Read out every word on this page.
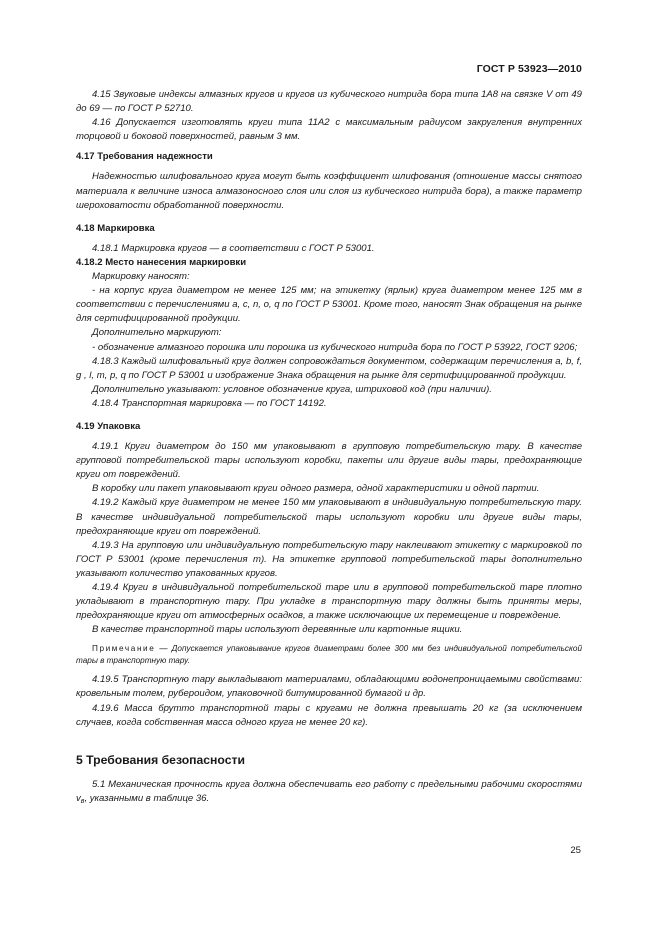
ГОСТ Р 53923—2010

4.15 Звуковые индексы алмазных кругов и кругов из кубического нитрида бора типа 1А8 на связке V от 49 до 69 — по ГОСТ Р 52710.

4.16 Допускается изготовлять круги типа 11А2 с максимальным радиусом закругления внутренних торцовой и боковой поверхностей, равным 3 мм.

4.17 Требования надежности

Надежностью шлифовального круга могут быть коэффициент шлифования (отношение массы снятого материала к величине износа алмазоносного слоя или слоя из кубического нитрида бора), а также параметр шероховатости обработанной поверхности.

4.18 Маркировка

4.18.1 Маркировка кругов — в соответствии с ГОСТ Р 53001.

4.18.2 Место нанесения маркировки

Маркировку наносят:

- на корпус круга диаметром не менее 125 мм; на этикетку (ярлык) круга диаметром менее 125 мм в соответствии с перечислениями а, с, n, о, q по ГОСТ Р 53001. Кроме того, наносят Знак обращения на рынке для сертифицированной продукции.

Дополнительно маркируют:

- обозначение алмазного порошка или порошка из кубического нитрида бора по ГОСТ Р 53922, ГОСТ 9206;

4.18.3 Каждый шлифовальный круг должен сопровождаться документом, содержащим перечисления а, b, f, g , l, m, р, q по ГОСТ Р 53001 и изображение Знака обращения на рынке для сертифицированной продукции.

Дополнительно указывают: условное обозначение круга, штриховой код (при наличии).

4.18.4 Транспортная маркировка — по ГОСТ 14192.

4.19 Упаковка

4.19.1 Круги диаметром до 150 мм упаковывают в групповую потребительскую тару. В качестве групповой потребительской тары используют коробки, пакеты или другие виды тары, предохраняющие круги от повреждений.

В коробку или пакет упаковывают круги одного размера, одной характеристики и одной партии.

4.19.2 Каждый круг диаметром не менее 150 мм упаковывают в индивидуальную потребительскую тару. В качестве индивидуальной потребительской тары используют коробки или другие виды тары, предохраняющие круги от повреждений.

4.19.3 На групповую или индивидуальную потребительскую тару наклеивают этикетку с маркировкой по ГОСТ Р 53001 (кроме перечисления m). На этикетке групповой потребительской тары дополнительно указывают количество упакованных кругов.

4.19.4 Круги в индивидуальной потребительской таре или в групповой потребительской таре плотно укладывают в транспортную тару. При укладке в транспортную тару должны быть приняты меры, предохраняющие круги от атмосферных осадков, а также исключающие их перемещение и повреждение.

В качестве транспортной тары используют деревянные или картонные ящики.

Примечание — Допускается упаковывание кругов диаметрами более 300 мм без индивидуальной потребительской тары в транспортную тару.

4.19.5 Транспортную тару выкладывают материалами, обладающими водонепроницаемыми свойствами: кровельным толем, рубероидом, упаковочной битумированной бумагой и др.

4.19.6 Масса брутто транспортной тары с кругами не должна превышать 20 кг (за исключением случаев, когда собственная масса одного круга не менее 20 кг).

5 Требования безопасности

5.1 Механическая прочность круга должна обеспечивать его работу с предельными рабочими скоростями $v_в$, указанными в таблице 36.

25
